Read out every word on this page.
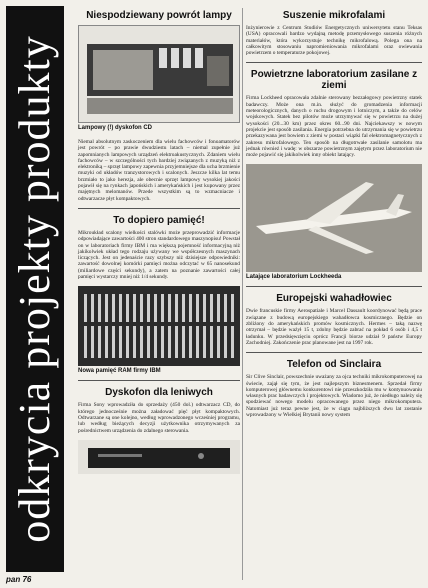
odkrycia projekty produkty
Niespodziewany powrót lampy
Lampowy (!) dyskofon CD

Niemal absolutnym zaskoczeniem dla wielu fachowców i fonoamatorów jest powrót – po prawie dwudziestu latach – niemal zupełnie już zapomnianych lampowych urządzeń elektroakustycznych. Zdaniem wielu fachowców – w szczególności tych bardziej związanych z muzyką niż z elektroniką – sprzęt lampowy zapewnia przyjemniejsze dla ucha brzmienie muzyki od układów tranzystorowych i scalonych. Jeszcze kilka lat temu brzmiało to jako herezja, ale obecnie sprzęt lampowy wysokiej jakości pojawił się na rynkach japońskich i amerykańskich i jest kupowany przez majętnych melomanów. Przede wszystkim są to wzmacniacze i odtwarzacze płyt kompaktowych.

To dopiero pamięć!

Mikroukład scalony wielkości stalówki może przeprowadzić informacje odpowiadające zawartości 400 stron standardowego maszynopisu! Powstał on w laboratoriach firmy IBM i ma większą pojemność informacyjną niż jakikolwiek układ tego rodzaju używany we współczesnych maszynach liczących. Jest on jedenaście razy szybszy niż dzisiejsze odpowiedniki: zawartość dowolnej komórki pamięci można odczytać w 65 nanosekund (miliardowe części sekundy), a zatem na poznanie zawartości całej pamięci wystarczy mniej niż 1/4 sekundy.

Nowa pamięć RAM firmy IBM
Dyskofon dla leniwych

Firma Sony wprowadziła do sprzedaży (450 dol.) odtwarzacz CD, do którego jednocześnie można załadować pięć płyt kompaktowych. Odtwarzane są one kolejno, według wprowadzonego wcześniej programu, lub według bieżących decyzji użytkownika otrzymywanych za pośrednictwem urządzenia do zdalnego sterowania.

Suszenie mikrofalami

Inżynierowie z Centrum Studiów Energetycznych uniwersytetu stanu Teksas (USA) opracowali bardzo wydajną metodę przemysłowego suszenia różnych materiałów, która wykorzystuje technikę mikrofalową. Polega ona na całkowitym stosowaniu napromieniowania mikrofalami oraz owiewania powietrzem o temperaturze pokojowej.

Powietrzne laboratorium zasilane z ziemi

Firma Lockheed opracowała zdalnie sterowany bezzałogowy powietrzny statek badawczy. Może ona m.in. służyć do gromadzenia informacji meteorologicznych, danych o ruchu drogowym i lotniczym, a także do celów wojskowych. Statek bez pilotów może utrzymywać się w powietrzu na dużej wysokości (20...30 km) przez okres 60...90 dni. Najciekawszy w nowym projekcie jest sposób zasilania. Energia potrzebna do utrzymania się w powietrzu przekazywana jest bowiem z ziemi w postaci wiązki fal elektromagnetycznych z zakresu mikrofalowego. Ten sposób na długotrwałe zasilanie samolotu ma jednak również i wadę: w obszarze powietrznym zajętym przez laboratorium nie może pojawić się jakikolwiek inny obiekt latający.

Latające laboratorium Lockheeda
Europejski wahadłowiec

Dwie francuskie firmy Aerospatiale i Marcel Dassault koordynować będą prace związane z budową europejskiego wahadłowca kosmicznego. Będzie on zbliżony do amerykańskich promów kosmicznych. Hermes – taką nazwę otrzymał – będzie ważył 15 t, zdolny będzie zabrać na pokład 6 osób i 4,5 t ładunku. W przedsięwzięciu oprócz Francji biorze udział 9 państw Europy Zachodniej. Zakończenie prac planowane jest na 1997 rok.

Telefon od Sinclaira

Sir Clive Sinclair, powszechnie uważany za ojca techniki mikrokomputerowej na świecie, zajął się tym, że jest najlepszym biznesmenem. Sprzedał firmy komputerowej głównemu konkurentowi nie przeszkodziła mu w kontynuowaniu własnych prac badawczych i projektowych. Wiadomo już, że niedługo należy się spodziewać nowego modelu opracowanego przez niego mikrokomputera. Natomiast już teraz pewne jest, że w ciągu najbliższych dwu lat zostanie wprowadzony w Wielkiej Brytanii nowy system

pan 76
